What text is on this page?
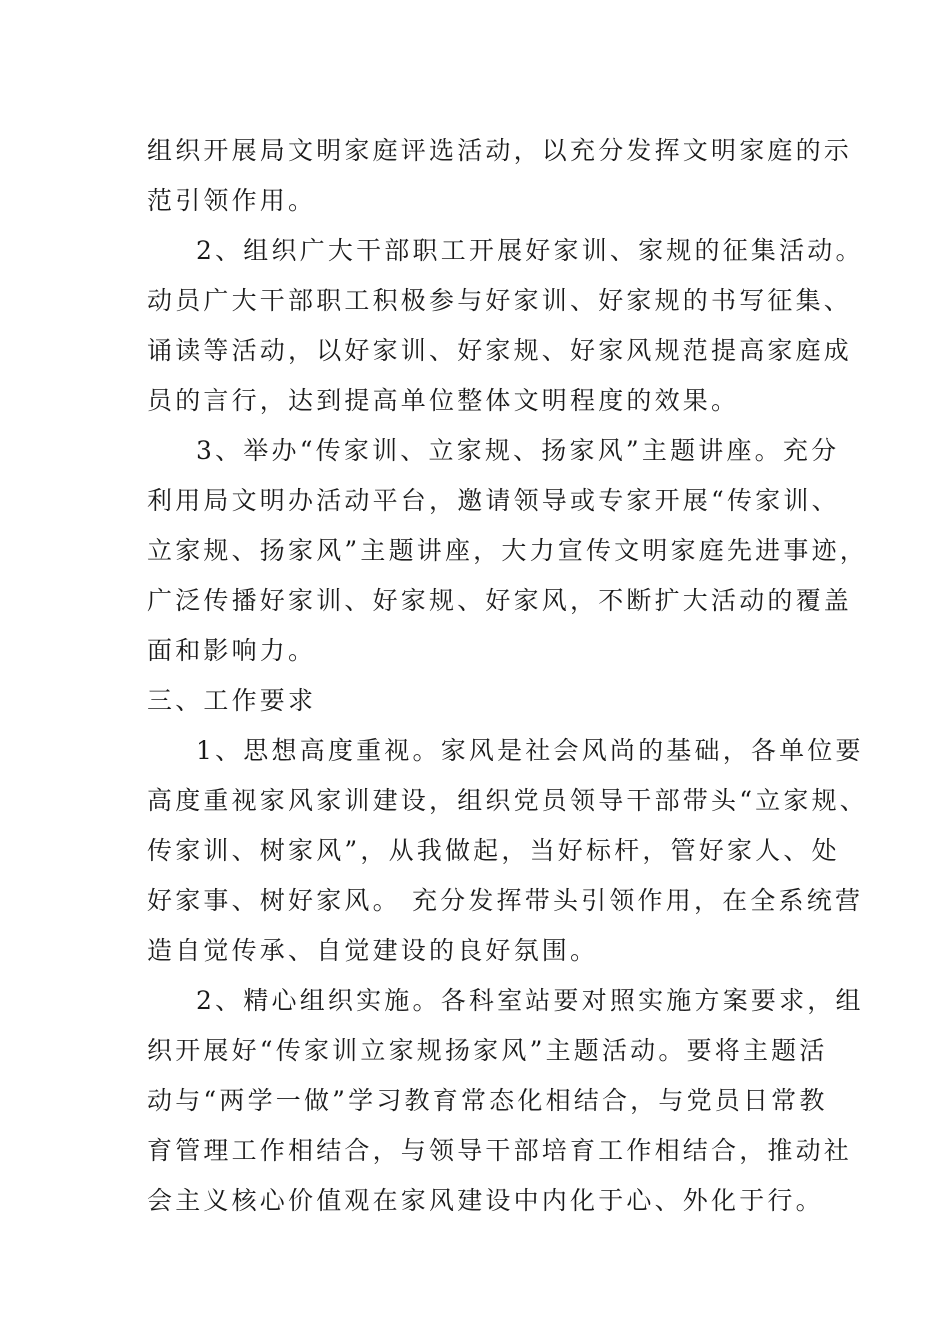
组织开展局文明家庭评选活动，以充分发挥文明家庭的示
范引领作用。
2、组织广大干部职工开展好家训、家规的征集活动。
动员广大干部职工积极参与好家训、好家规的书写征集、
诵读等活动，以好家训、好家规、好家风规范提高家庭成
员的言行，达到提高单位整体文明程度的效果。
3、举办“传家训、立家规、扬家风”主题讲座。充分
利用局文明办活动平台，邀请领导或专家开展“传家训、
立家规、扬家风”主题讲座，大力宣传文明家庭先进事迹，
广泛传播好家训、好家规、好家风，不断扩大活动的覆盖
面和影响力。
三、工作要求
1、思想高度重视。家风是社会风尚的基础，各单位要
高度重视家风家训建设，组织党员领导干部带头“立家规、
传家训、树家风”，从我做起，当好标杆，管好家人、处
好家事、树好家风。 充分发挥带头引领作用，在全系统营
造自觉传承、自觉建设的良好氛围。
2、精心组织实施。各科室站要对照实施方案要求，组
织开展好“传家训立家规扬家风”主题活动。要将主题活
动与“两学一做”学习教育常态化相结合，与党员日常教
育管理工作相结合，与领导干部培育工作相结合，推动社
会主义核心价值观在家风建设中内化于心、外化于行。
